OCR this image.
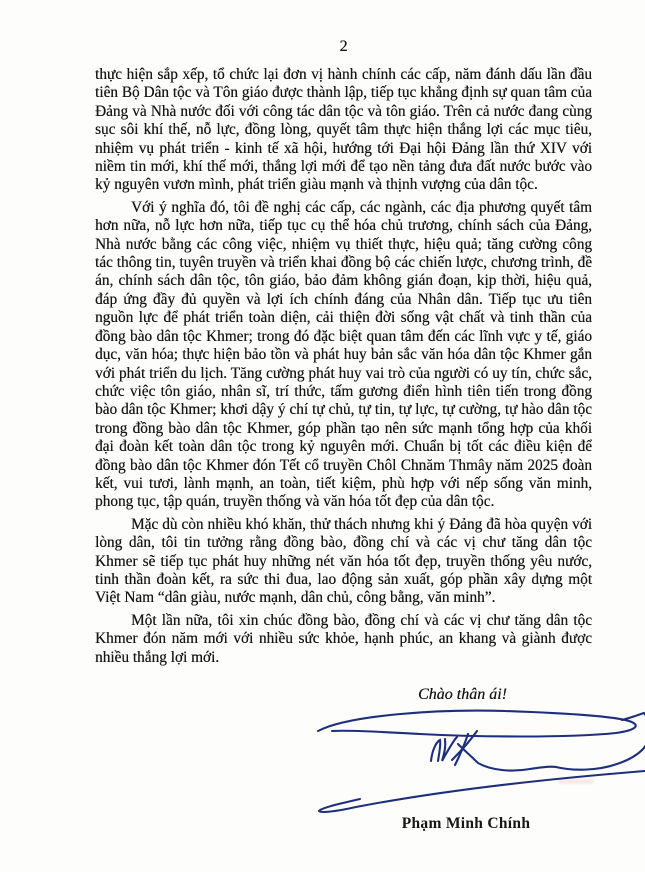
2

thực hiện sắp xếp, tổ chức lại đơn vị hành chính các cấp, năm đánh dấu lần đầu tiên Bộ Dân tộc và Tôn giáo được thành lập, tiếp tục khẳng định sự quan tâm của Đảng và Nhà nước đối với công tác dân tộc và tôn giáo. Trên cả nước đang cùng sục sôi khí thế, nỗ lực, đồng lòng, quyết tâm thực hiện thắng lợi các mục tiêu, nhiệm vụ phát triển - kinh tế xã hội, hướng tới Đại hội Đảng lần thứ XIV với niềm tin mới, khí thế mới, thắng lợi mới để tạo nền tảng đưa đất nước bước vào kỷ nguyên vươn mình, phát triển giàu mạnh và thịnh vượng của dân tộc.

Với ý nghĩa đó, tôi đề nghị các cấp, các ngành, các địa phương quyết tâm hơn nữa, nỗ lực hơn nữa, tiếp tục cụ thể hóa chủ trương, chính sách của Đảng, Nhà nước bằng các công việc, nhiệm vụ thiết thực, hiệu quả; tăng cường công tác thông tin, tuyên truyền và triển khai đồng bộ các chiến lược, chương trình, đề án, chính sách dân tộc, tôn giáo, bảo đảm không gián đoạn, kịp thời, hiệu quả, đáp ứng đầy đủ quyền và lợi ích chính đáng của Nhân dân. Tiếp tục ưu tiên nguồn lực để phát triển toàn diện, cải thiện đời sống vật chất và tinh thần của đồng bào dân tộc Khmer; trong đó đặc biệt quan tâm đến các lĩnh vực y tế, giáo dục, văn hóa; thực hiện bảo tồn và phát huy bản sắc văn hóa dân tộc Khmer gắn với phát triển du lịch. Tăng cường phát huy vai trò của người có uy tín, chức sắc, chức việc tôn giáo, nhân sĩ, trí thức, tấm gương điển hình tiên tiến trong đồng bào dân tộc Khmer; khơi dậy ý chí tự chủ, tự tin, tự lực, tự cường, tự hào dân tộc trong đồng bào dân tộc Khmer, góp phần tạo nên sức mạnh tổng hợp của khối đại đoàn kết toàn dân tộc trong kỷ nguyên mới. Chuẩn bị tốt các điều kiện để đồng bào dân tộc Khmer đón Tết cổ truyền Chôl Chnăm Thmây năm 2025 đoàn kết, vui tươi, lành mạnh, an toàn, tiết kiệm, phù hợp với nếp sống văn minh, phong tục, tập quán, truyền thống và văn hóa tốt đẹp của dân tộc.

Mặc dù còn nhiều khó khăn, thử thách nhưng khi ý Đảng đã hòa quyện với lòng dân, tôi tin tưởng rằng đồng bào, đồng chí và các vị chư tăng dân tộc Khmer sẽ tiếp tục phát huy những nét văn hóa tốt đẹp, truyền thống yêu nước, tinh thần đoàn kết, ra sức thi đua, lao động sản xuất, góp phần xây dựng một Việt Nam “dân giàu, nước mạnh, dân chủ, công bằng, văn minh”.

Một lần nữa, tôi xin chúc đồng bào, đồng chí và các vị chư tăng dân tộc Khmer đón năm mới với nhiều sức khỏe, hạnh phúc, an khang và giành được nhiều thắng lợi mới.

Chào thân ái!
Phạm Minh Chính
